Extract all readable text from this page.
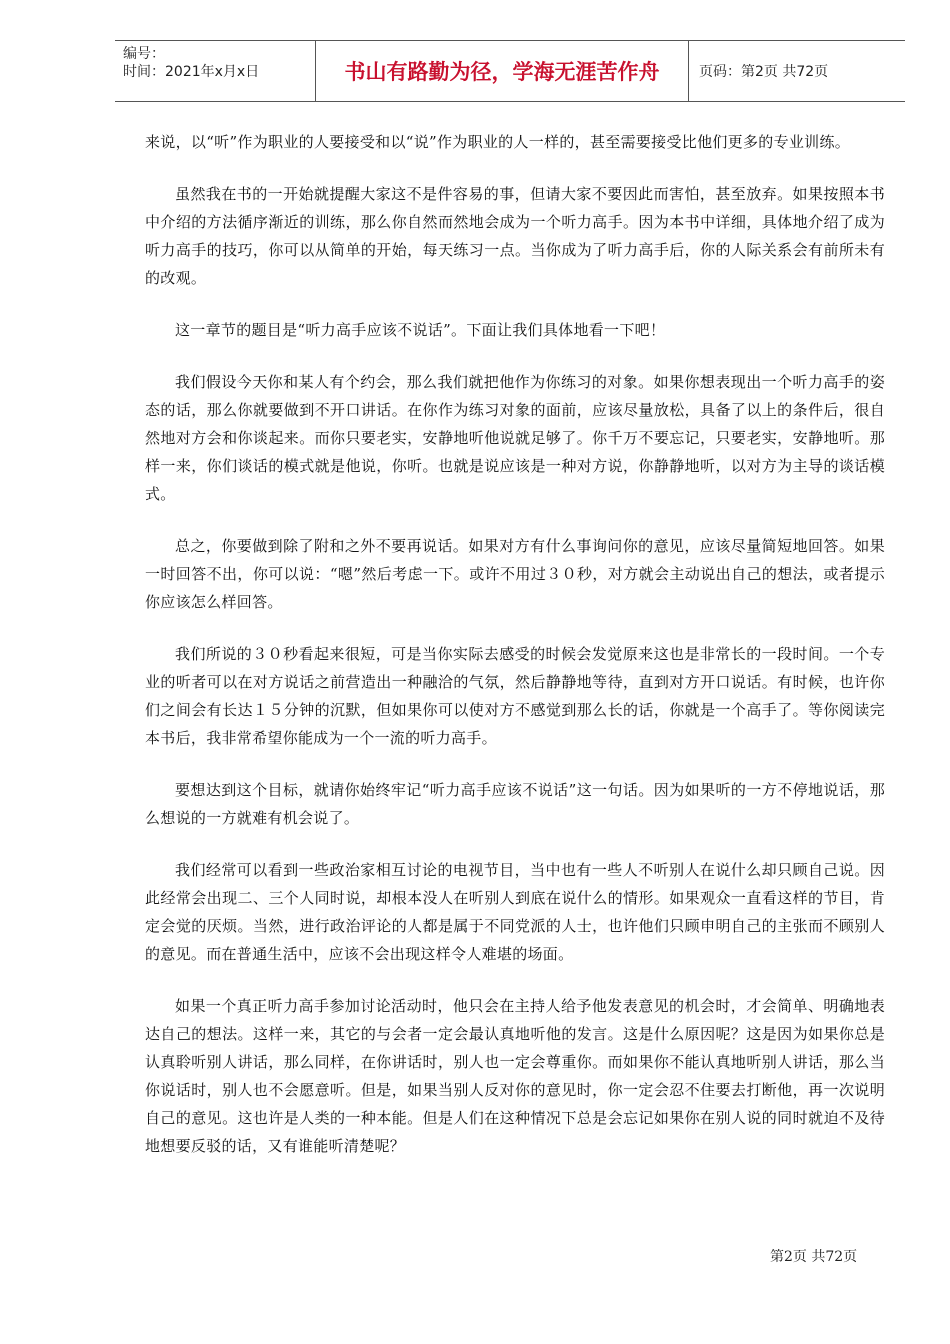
编号：
时间：2021年x月x日	书山有路勤为径，学海无涯苦作舟	页码：第2页 共72页

来说，以“听”作为职业的人要接受和以“说”作为职业的人一样的，甚至需要接受比他们更多的专业训练。

虽然我在书的一开始就提醒大家这不是件容易的事，但请大家不要因此而害怕，甚至放弃。如果按照本书中介绍的方法循序渐近的训练，那么你自然而然地会成为一个听力高手。因为本书中详细，具体地介绍了成为听力高手的技巧，你可以从简单的开始，每天练习一点。当你成为了听力高手后，你的人际关系会有前所未有的改观。

这一章节的题目是“听力高手应该不说话”。下面让我们具体地看一下吧！

我们假设今天你和某人有个约会，那么我们就把他作为你练习的对象。如果你想表现出一个听力高手的姿态的话，那么你就要做到不开口讲话。在你作为练习对象的面前，应该尽量放松，具备了以上的条件后，很自然地对方会和你谈起来。而你只要老实，安静地听他说就足够了。你千万不要忘记，只要老实，安静地听。那样一来，你们谈话的模式就是他说，你听。也就是说应该是一种对方说，你静静地听，以对方为主导的谈话模式。

总之，你要做到除了附和之外不要再说话。如果对方有什么事询问你的意见，应该尽量简短地回答。如果一时回答不出，你可以说：“嗯”然后考虑一下。或许不用过３０秒，对方就会主动说出自己的想法，或者提示你应该怎么样回答。

我们所说的３０秒看起来很短，可是当你实际去感受的时候会发觉原来这也是非常长的一段时间。一个专业的听者可以在对方说话之前营造出一种融洽的气氛，然后静静地等待，直到对方开口说话。有时候，也许你们之间会有长达１５分钟的沉默，但如果你可以使对方不感觉到那么长的话，你就是一个高手了。等你阅读完本书后，我非常希望你能成为一个一流的听力高手。

要想达到这个目标，就请你始终牢记“听力高手应该不说话”这一句话。因为如果听的一方不停地说话，那么想说的一方就难有机会说了。

我们经常可以看到一些政治家相互讨论的电视节目，当中也有一些人不听别人在说什么却只顾自己说。因此经常会出现二、三个人同时说，却根本没人在听别人到底在说什么的情形。如果观众一直看这样的节目，肯定会觉的厌烦。当然，进行政治评论的人都是属于不同党派的人士，也许他们只顾申明自己的主张而不顾别人的意见。而在普通生活中，应该不会出现这样令人难堪的场面。

如果一个真正听力高手参加讨论活动时，他只会在主持人给予他发表意见的机会时，才会简单、明确地表达自己的想法。这样一来，其它的与会者一定会最认真地听他的发言。这是什么原因呢？这是因为如果你总是认真聆听别人讲话，那么同样，在你讲话时，别人也一定会尊重你。而如果你不能认真地听别人讲话，那么当你说话时，别人也不会愿意听。但是，如果当别人反对你的意见时，你一定会忍不住要去打断他，再一次说明自己的意见。这也许是人类的一种本能。但是人们在这种情况下总是会忘记如果你在别人说的同时就迫不及待地想要反驳的话，又有谁能听清楚呢？

第2页 共72页
